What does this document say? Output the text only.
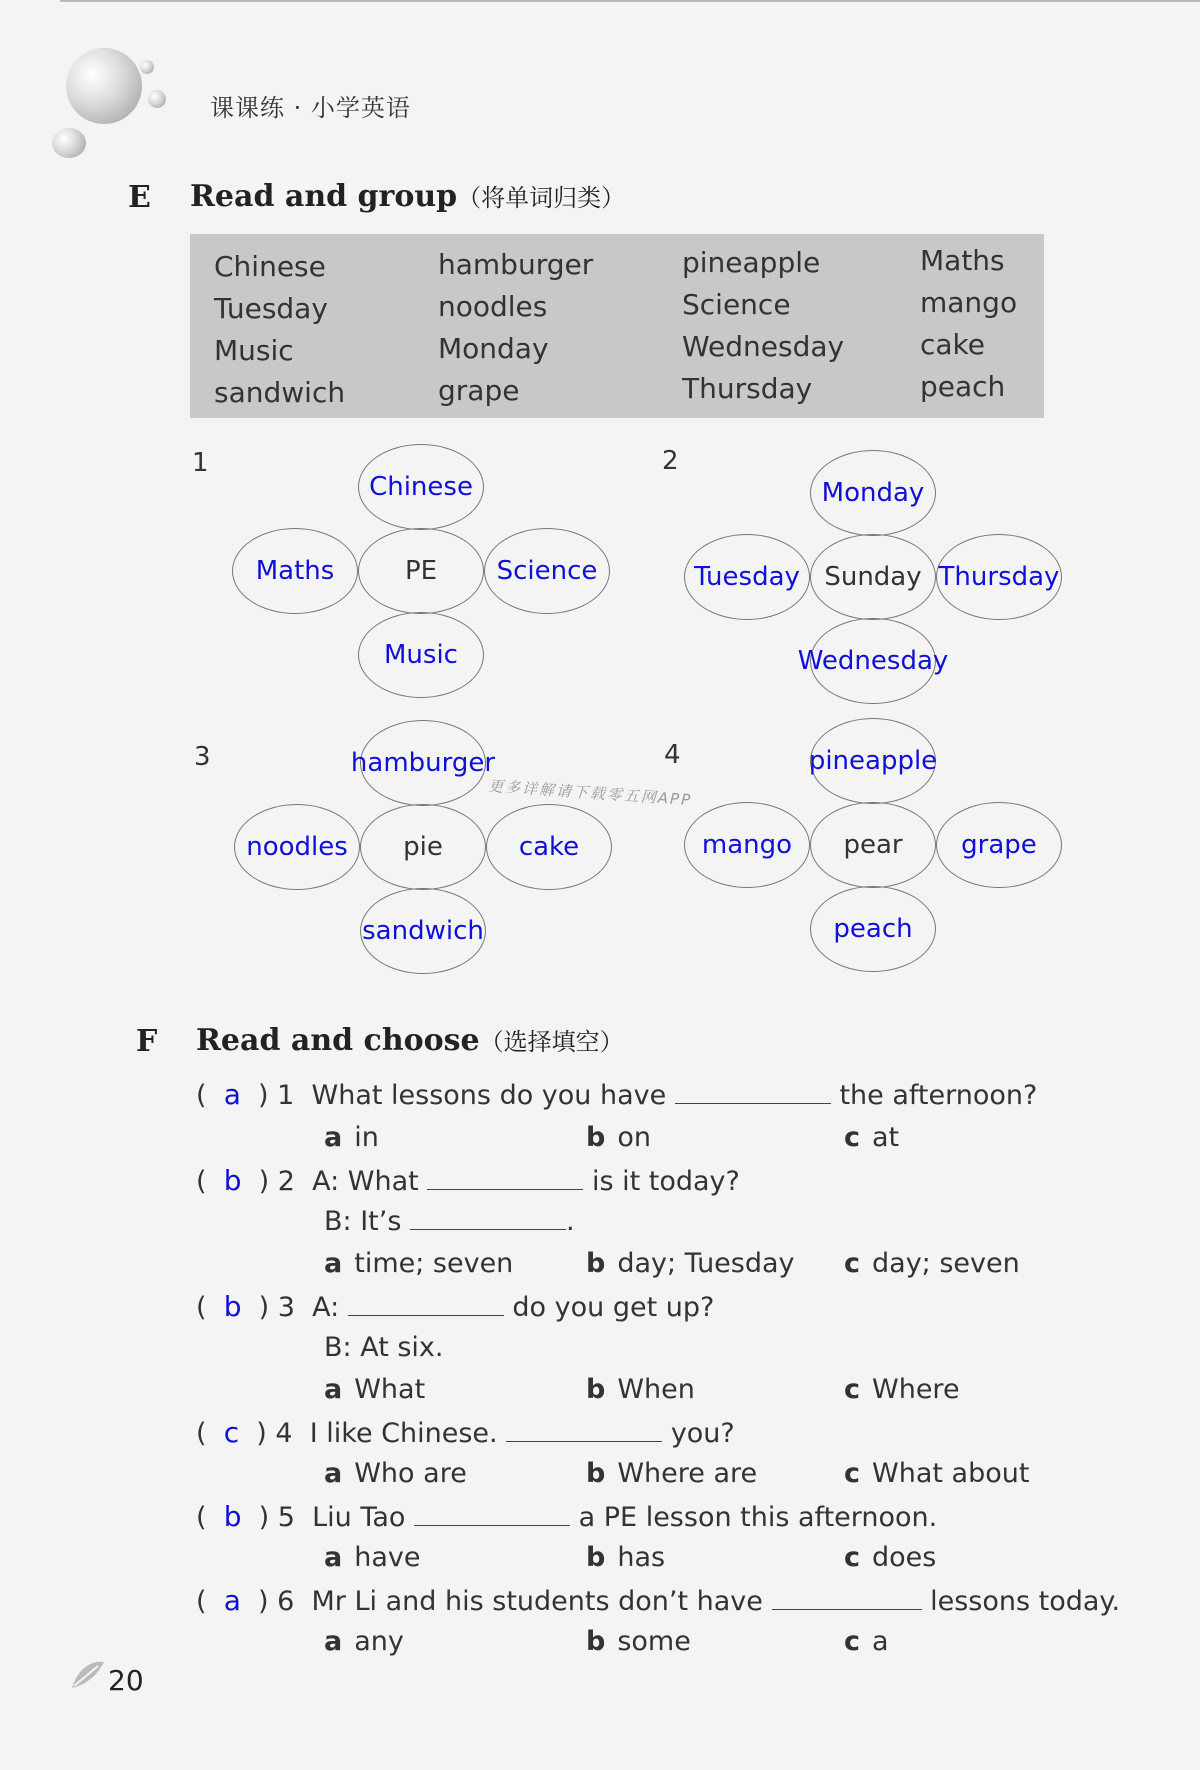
课课练 · 小学英语
E Read and group（将单词归类）
Chinese	hamburger	pineapple	Maths
Tuesday	noodles	Science	mango
Music	Monday	Wednesday	cake
sandwich	grape	Thursday	peach
1
PE
Chinese
Music
Maths	Science
2
Sunday
Monday
Wednesday
Tuesday	Thursday
3
pie
hamburger
sandwich
noodles	cake
4
pear
pineapple
peach
mango	grape
更多详解请下载零五网APP
F Read and choose（选择填空）
(  a  ) 1 What lessons do you have	the afternoon?
a in	b on	c at
(  b  ) 2 A: What	is it today?
B: It’s	.
a time; seven	b day; Tuesday c day; seven
(  b  ) 3 A:	do you get up?
B: At six.
a What	b When	c Where
(  c  ) 4 I like Chinese.	you?
a Who are	b Where are	c What about
(  b  ) 5 Liu Tao	a PE lesson this afternoon.
a have	b has	c does
(  a  ) 6 Mr Li and his students don’t have	lessons today.
a any	b some	c a
20
